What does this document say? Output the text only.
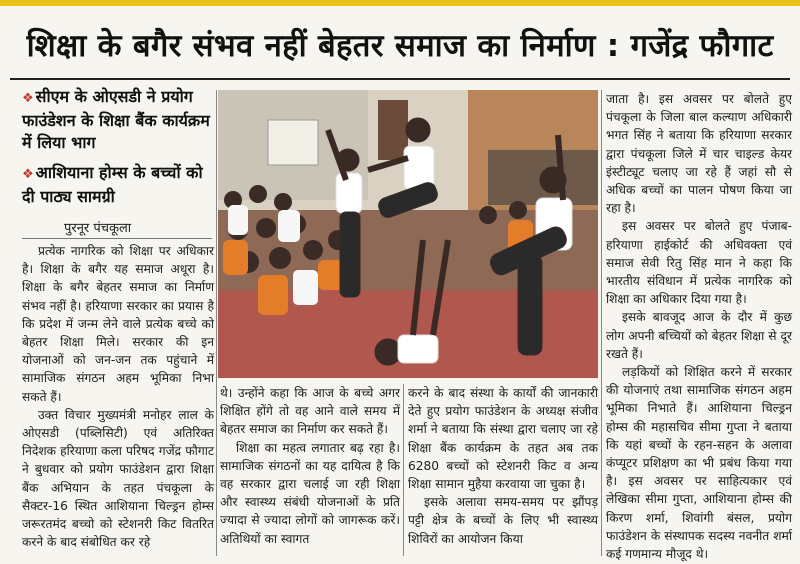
शिक्षा के बगैर संभव नहीं बेहतर समाज का निर्माण : गजेंद्र फौगाट
❖ सीएम के ओएसडी ने प्रयोग फाउंडेशन के शिक्षा बैंक कार्यक्रम में लिया भाग
❖ आशियाना होम्स के बच्चों को दी पाठ्य सामग्री
पुरनूर पंचकूला

प्रत्येक नागरिक को शिक्षा पर अधिकार है। शिक्षा के बगैर यह समाज अधूरा है। शिक्षा के बगैर बेहतर समाज का निर्माण संभव नहीं है। हरियाणा सरकार का प्रयास है कि प्रदेश में जन्म लेने वाले प्रत्येक बच्चे को बेहतर शिक्षा मिले। सरकार की इन योजनाओं को जन-जन तक पहुंचाने में सामाजिक संगठन अहम भूमिका निभा सकते हैं।

उक्त विचार मुख्यमंत्री मनोहर लाल के ओएसडी (पब्लिसिटी) एवं अतिरिक्त निदेशक हरियाणा कला परिषद गजेंद्र फौगाट ने बुधवार को प्रयोग फाउंडेशन द्वारा शिक्षा बैंक अभियान के तहत पंचकूला के सैक्टर-16 स्थित आशियाना चिल्ड्रन होम्स जरूरतमंद बच्चो को स्टेशनरी किट वितरित करने के बाद संबोधित कर रहे

थे। उन्होंने कहा कि आज के बच्चे अगर शिक्षित होंगे तो वह आने वाले समय में बेहतर समाज का निर्माण कर सकते हैं।

शिक्षा का महत्व लगातार बढ़ रहा है। सामाजिक संगठनों का यह दायित्व है कि वह सरकार द्वारा चलाई जा रही शिक्षा और स्वास्थ्य संबंधी योजनाओं के प्रति ज्यादा से ज्यादा लोगों को जागरूक करें। अतिथियों का स्वागत

करने के बाद संस्था के कार्यों की जानकारी देते हुए प्रयोग फाउंडेशन के अध्यक्ष संजीव शर्मा ने बताया कि संस्था द्वारा चलाए जा रहे शिक्षा बैंक कार्यक्रम के तहत अब तक 6280 बच्चों को स्टेशनरी किट व अन्य शिक्षा सामान मुहैया करवाया जा चुका है।

इसके अलावा समय-समय पर झौंपड़ पट्टी क्षेत्र के बच्चों के लिए भी स्वास्थ्य शिविरों का आयोजन किया

जाता है। इस अवसर पर बोलते हुए पंचकूला के जिला बाल कल्याण अधिकारी भगत सिंह ने बताया कि हरियाणा सरकार द्वारा पंचकूला जिले में चार चाइल्ड केयर इंस्टीट्यूट चलाए जा रहे हैं जहां सौ से अधिक बच्चों का पालन पोषण किया जा रहा है।

इस अवसर पर बोलते हुए पंजाब-हरियाणा हाईकोर्ट की अधिवक्ता एवं समाज सेवी रितु सिंह मान ने कहा कि भारतीय संविधान में प्रत्येक नागरिक को शिक्षा का अधिकार दिया गया है।

इसके बावजूद आज के दौर में कुछ लोग अपनी बच्चियों को बेहतर शिक्षा से दूर रखते हैं।

लड़कियों को शिक्षित करने में सरकार की योजनाएं तथा सामाजिक संगठन अहम भूमिका निभाते हैं। आशियाना चिल्ड्रन होम्स की महासचिव सीमा गुप्ता ने बताया कि यहां बच्चों के रहन-सहन के अलावा कंप्यूटर प्रशिक्षण का भी प्रबंध किया गया है। इस अवसर पर साहित्यकार एवं लेखिका सीमा गुप्ता, आशियाना होम्स की किरण शर्मा, शिवांगी बंसल, प्रयोग फाउंडेशन के संस्थापक सदस्य नवनीत शर्मा कई गणमान्य मौजूद थे।
